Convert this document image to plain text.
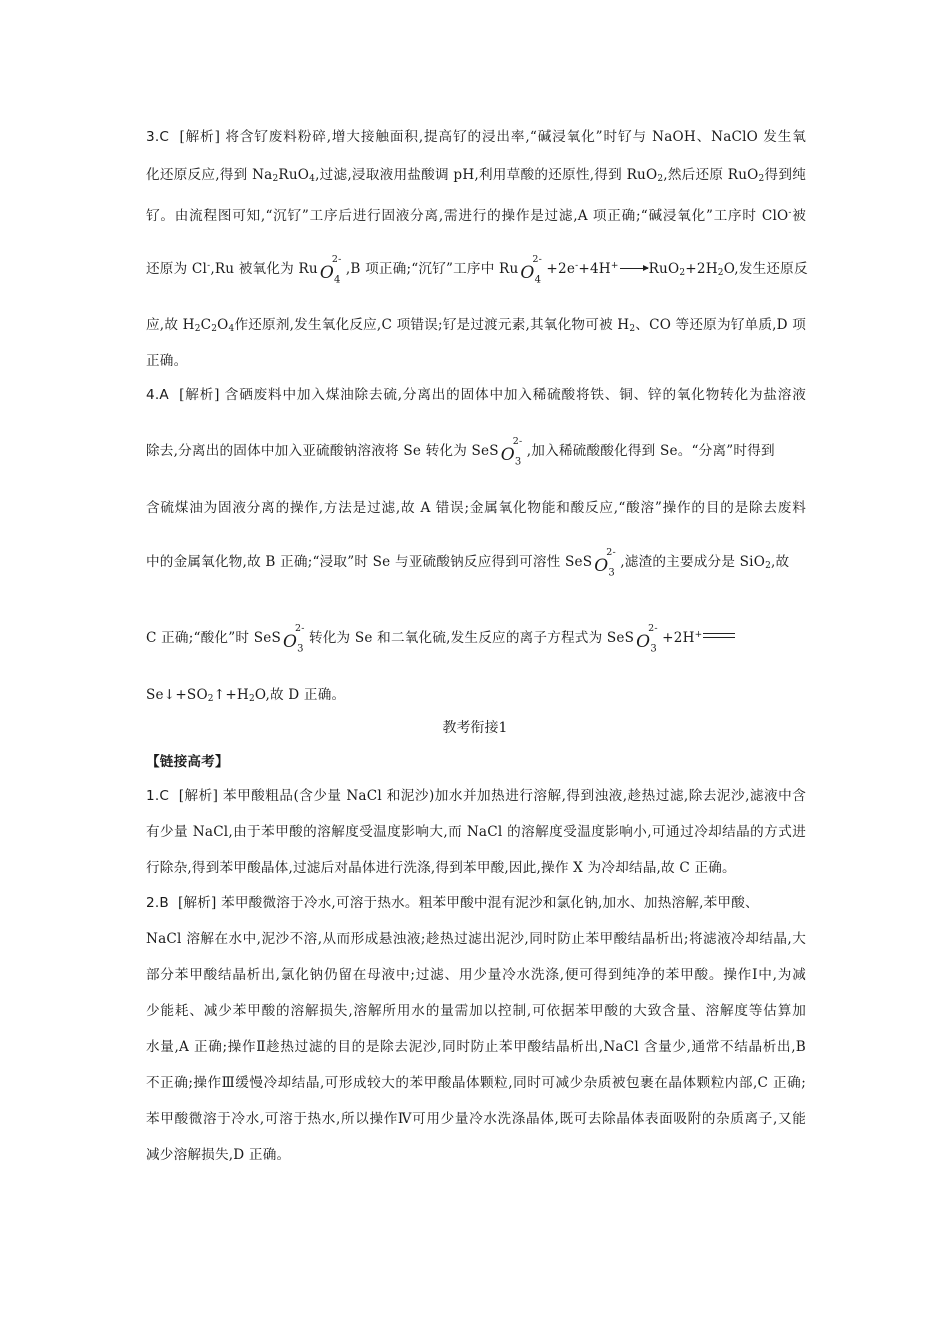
3.C [解析] 将含钌废料粉碎,增大接触面积,提高钌的浸出率,“碱浸氧化”时钌与 NaOH、NaClO 发生氧
化还原反应,得到 $Na_2RuO_4$,过滤,浸取液用盐酸调 pH,利用草酸的还原性,得到 RuO$_2$,然后还原 RuO$_2$得到纯
钌。由流程图可知,“沉钌”工序后进行固液分离,需进行的操作是过滤,A 项正确;“碱浸氧化”工序时 ClO-被
还原为 Cl-,Ru 被氧化为 Ru $O_4$
2-
,B 项正确;“沉钌”工序中 Ru $O_4$
2-
$+2e^-+4H^+\to RuO_2+2H_2O$,发生还原反
应,故 $H_2C_2O_4$作还原剂,发生氧化反应,C 项错误;钌是过渡元素,其氧化物可被 $H_2$、CO 等还原为钌单质,D 项
正确。
4.A [解析] 含硒废料中加入煤油除去硫,分离出的固体中加入稀硫酸将铁、铜、锌的氧化物转化为盐溶液
除去,分离出的固体中加入亚硫酸钠溶液将 Se 转化为 SeS $O_3$
2-
,加入稀硫酸酸化得到 Se。“分离”时得到
含硫煤油为固液分离的操作,方法是过滤,故 A 错误;金属氧化物能和酸反应,“酸溶”操作的目的是除去废料
中的金属氧化物,故 B 正确;“浸取”时 Se 与亚硫酸钠反应得到可溶性 SeS $O_3$
2-
,滤渣的主要成分是 SiO$_2$,故
C 正确;“酸化”时 SeS $O_3$
2-
转化为 Se 和二氧化硫,发生反应的离子方程式为 SeS $O_3$
2-
+2H+
$Se↓+SO_2↑+H_2O$,故 D 正确。
教考衔接1
【链接高考】
1.C [解析] 苯甲酸粗品(含少量 NaCl 和泥沙)加水并加热进行溶解,得到浊液,趁热过滤,除去泥沙,滤液中含
有少量 NaCl,由于苯甲酸的溶解度受温度影响大,而 NaCl 的溶解度受温度影响小,可通过冷却结晶的方式进
行除杂,得到苯甲酸晶体,过滤后对晶体进行洗涤,得到苯甲酸,因此,操作 X 为冷却结晶,故 C 正确。
2.B [解析] 苯甲酸微溶于冷水,可溶于热水。粗苯甲酸中混有泥沙和氯化钠,加水、加热溶解,苯甲酸、
NaCl 溶解在水中,泥沙不溶,从而形成悬浊液;趁热过滤出泥沙,同时防止苯甲酸结晶析出;将滤液冷却结晶,大
部分苯甲酸结晶析出,氯化钠仍留在母液中;过滤、用少量冷水洗涤,便可得到纯净的苯甲酸。操作Ⅰ中,为减
少能耗、减少苯甲酸的溶解损失,溶解所用水的量需加以控制,可依据苯甲酸的大致含量、溶解度等估算加
水量,A 正确;操作Ⅱ趁热过滤的目的是除去泥沙,同时防止苯甲酸结晶析出,NaCl 含量少,通常不结晶析出,B
不正确;操作Ⅲ缓慢冷却结晶,可形成较大的苯甲酸晶体颗粒,同时可减少杂质被包裹在晶体颗粒内部,C 正确;
苯甲酸微溶于冷水,可溶于热水,所以操作Ⅳ可用少量冷水洗涤晶体,既可去除晶体表面吸附的杂质离子,又能
减少溶解损失,D 正确。
